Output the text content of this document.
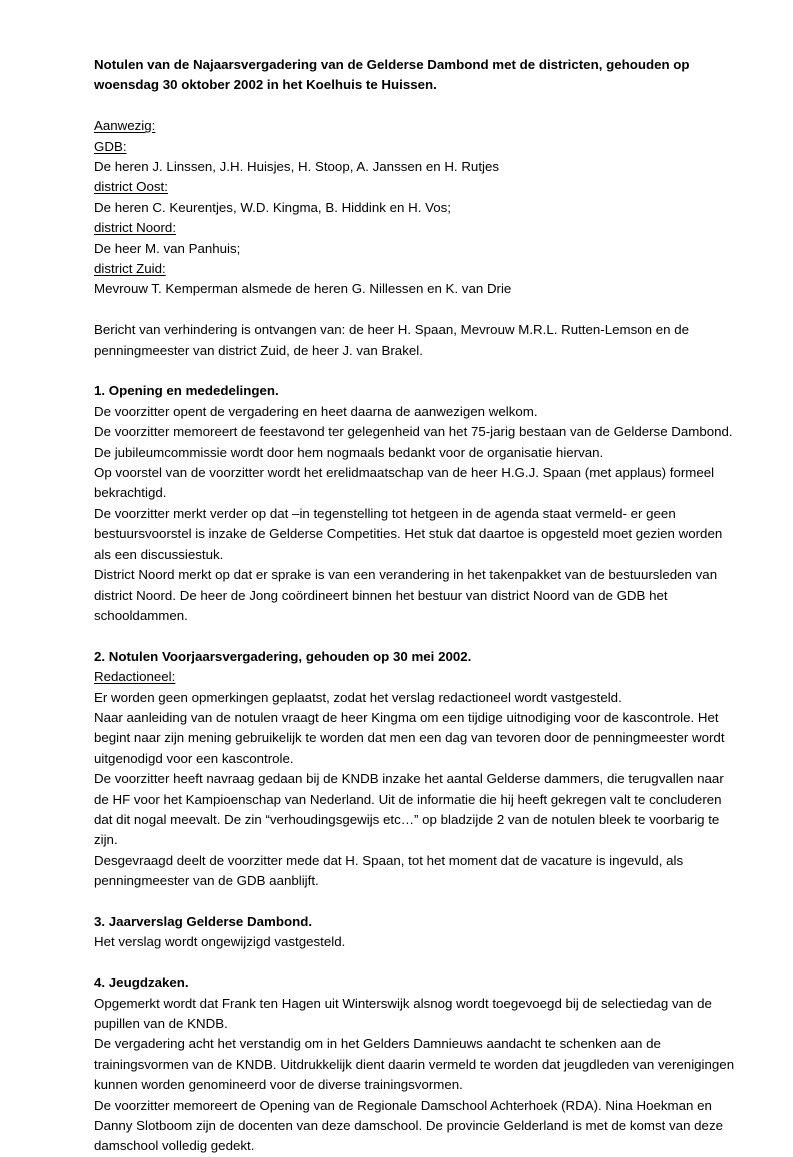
Notulen van de Najaarsvergadering van de Gelderse Dambond met de districten, gehouden op

woensdag 30 oktober 2002 in het Koelhuis te Huissen.

Aanwezig:

GDB:

De heren J. Linssen, J.H. Huisjes, H. Stoop, A. Janssen en H. Rutjes

district Oost:

De heren C. Keurentjes, W.D. Kingma, B. Hiddink en H. Vos;

district Noord:

De heer M. van Panhuis;

district Zuid:

Mevrouw T. Kemperman alsmede de heren G. Nillessen en K. van Drie

Bericht van verhindering is ontvangen van: de heer H. Spaan, Mevrouw M.R.L. Rutten-Lemson en de penningmeester van district Zuid, de heer J. van Brakel.

1. Opening en mededelingen.

De voorzitter opent de vergadering en heet daarna de aanwezigen welkom.

De voorzitter memoreert de feestavond ter gelegenheid van het 75-jarig bestaan van de Gelderse Dambond. De jubileumcommissie wordt door hem nogmaals bedankt voor de organisatie hiervan.

Op voorstel van de voorzitter wordt het erelidmaatschap van de heer H.G.J. Spaan (met applaus) formeel bekrachtigd.

De voorzitter merkt verder op dat –in tegenstelling tot hetgeen in de agenda staat vermeld- er geen bestuursvoorstel is inzake de Gelderse Competities. Het stuk dat daartoe is opgesteld moet gezien worden als een discussiestuk.

District Noord merkt op dat er sprake is van een verandering in het takenpakket van de bestuursleden van district Noord. De heer de Jong coördineert binnen het bestuur van district Noord van de GDB het schooldammen.

2. Notulen Voorjaarsvergadering, gehouden op 30 mei 2002.

Redactioneel:

Er worden geen opmerkingen geplaatst, zodat het verslag redactioneel wordt vastgesteld.

Naar aanleiding van de notulen vraagt de heer Kingma om een tijdige uitnodiging voor de kascontrole. Het begint naar zijn mening gebruikelijk te worden dat men een dag van tevoren door de penningmeester wordt uitgenodigd voor een kascontrole.

De voorzitter heeft navraag gedaan bij de KNDB inzake het aantal Gelderse dammers, die terugvallen naar de HF voor het Kampioenschap van Nederland. Uit de informatie die hij heeft gekregen valt te concluderen dat dit nogal meevalt. De zin “verhoudingsgewijs etc…” op bladzijde 2 van de notulen bleek te voorbarig te zijn.

Desgevraagd deelt de voorzitter mede dat H. Spaan, tot het moment dat de vacature is ingevuld, als penningmeester van de GDB aanblijft.

3. Jaarverslag Gelderse Dambond.

Het verslag wordt ongewijzigd vastgesteld.

4. Jeugdzaken.

Opgemerkt wordt dat Frank ten Hagen uit Winterswijk alsnog wordt toegevoegd bij de selectiedag van de pupillen van de KNDB.

De vergadering acht het verstandig om in het Gelders Damnieuws aandacht te schenken aan de trainingsvormen van de KNDB. Uitdrukkelijk dient daarin vermeld te worden dat jeugdleden van verenigingen kunnen worden genomineerd voor de diverse trainingsvormen.

De voorzitter memoreert de Opening van de Regionale Damschool Achterhoek (RDA). Nina Hoekman en Danny Slotboom zijn de docenten van deze damschool. De provincie Gelderland is met de komst van deze damschool volledig gedekt.
